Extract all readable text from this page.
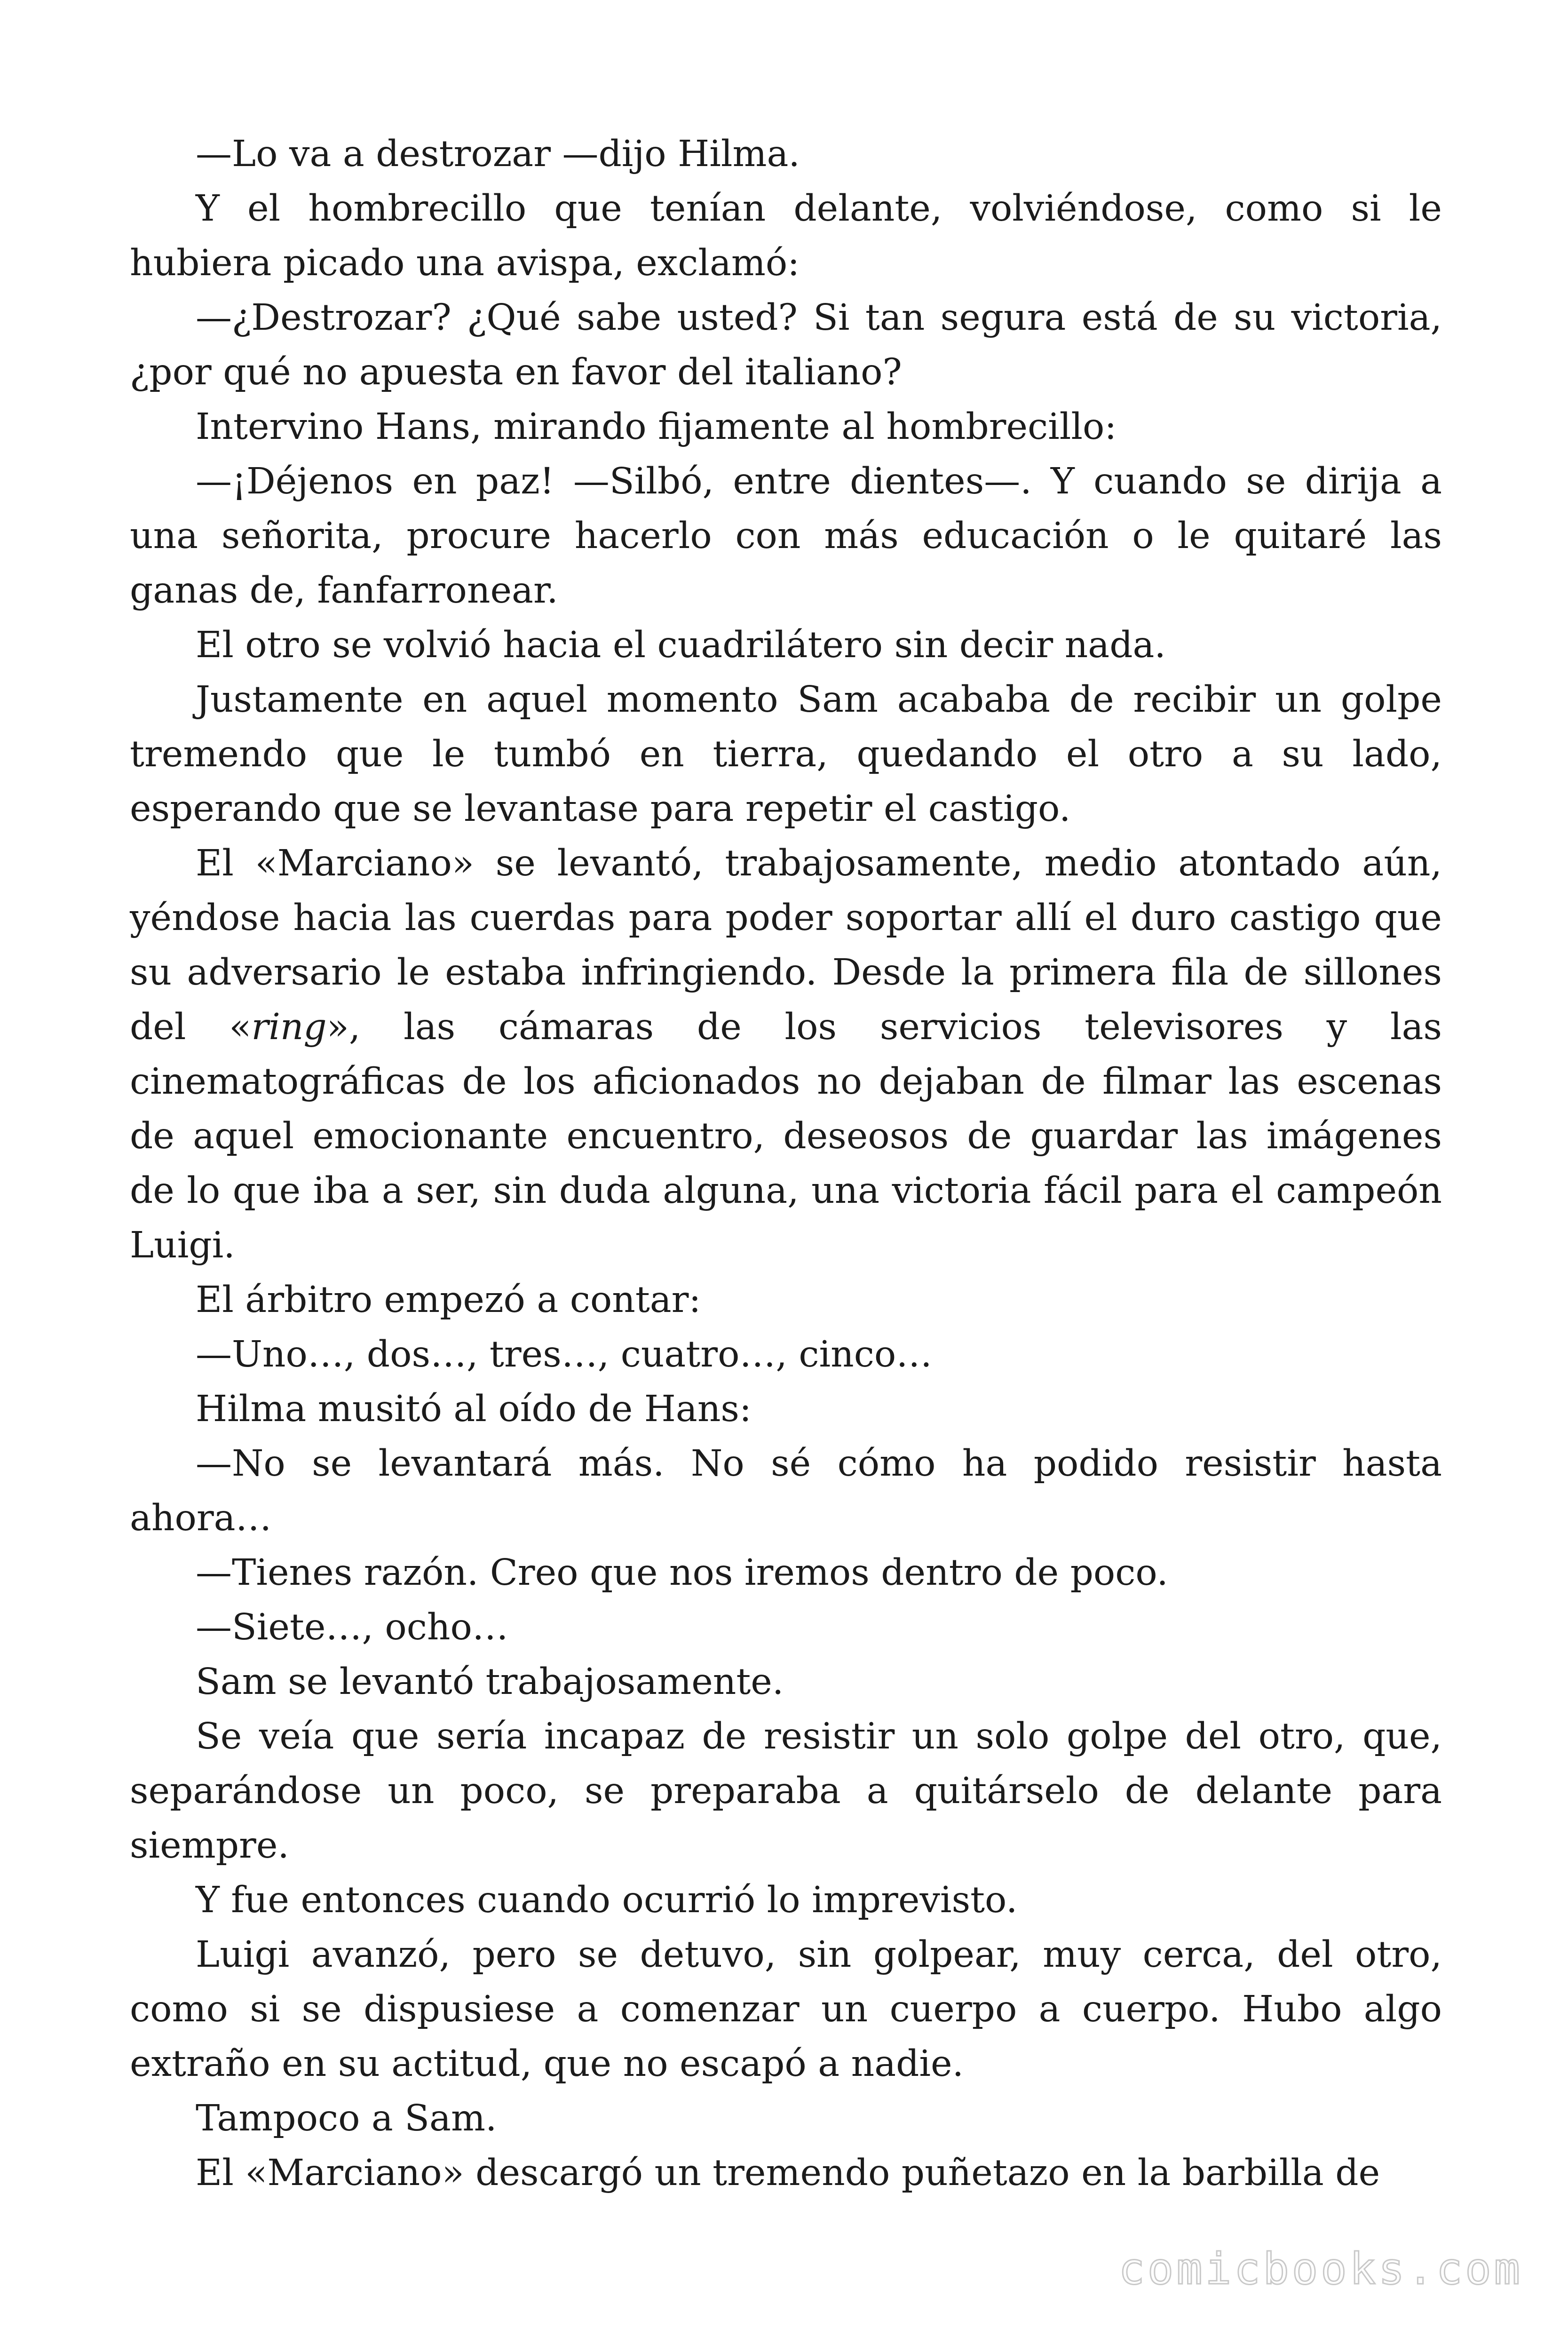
—Lo va a destrozar —dijo Hilma.

Y el hombrecillo que tenían delante, volviéndose, como si le hubiera picado una avispa, exclamó:

—¿Destrozar? ¿Qué sabe usted? Si tan segura está de su victoria, ¿por qué no apuesta en favor del italiano?

Intervino Hans, mirando fijamente al hombrecillo:

—¡Déjenos en paz! —Silbó, entre dientes—. Y cuando se dirija a una señorita, procure hacerlo con más educación o le quitaré las ganas de, fanfarronear.

El otro se volvió hacia el cuadrilátero sin decir nada.

Justamente en aquel momento Sam acababa de recibir un golpe tremendo que le tumbó en tierra, quedando el otro a su lado, esperando que se levantase para repetir el castigo.

El «Marciano» se levantó, trabajosamente, medio atontado aún, yéndose hacia las cuerdas para poder soportar allí el duro castigo que su adversario le estaba infringiendo. Desde la primera fila de sillones del «ring», las cámaras de los servicios televisores y las cinematográficas de los aficionados no dejaban de filmar las escenas de aquel emocionante encuentro, deseosos de guardar las imágenes de lo que iba a ser, sin duda alguna, una victoria fácil para el campeón Luigi.

El árbitro empezó a contar:

—Uno…, dos…, tres…, cuatro…, cinco…

Hilma musitó al oído de Hans:

—No se levantará más. No sé cómo ha podido resistir hasta ahora…

—Tienes razón. Creo que nos iremos dentro de poco.

—Siete…, ocho…

Sam se levantó trabajosamente.

Se veía que sería incapaz de resistir un solo golpe del otro, que, separándose un poco, se preparaba a quitárselo de delante para siempre.

Y fue entonces cuando ocurrió lo imprevisto.

Luigi avanzó, pero se detuvo, sin golpear, muy cerca, del otro, como si se dispusiese a comenzar un cuerpo a cuerpo. Hubo algo extraño en su actitud, que no escapó a nadie.

Tampoco a Sam.

El «Marciano» descargó un tremendo puñetazo en la barbilla de

comicbooks.com
